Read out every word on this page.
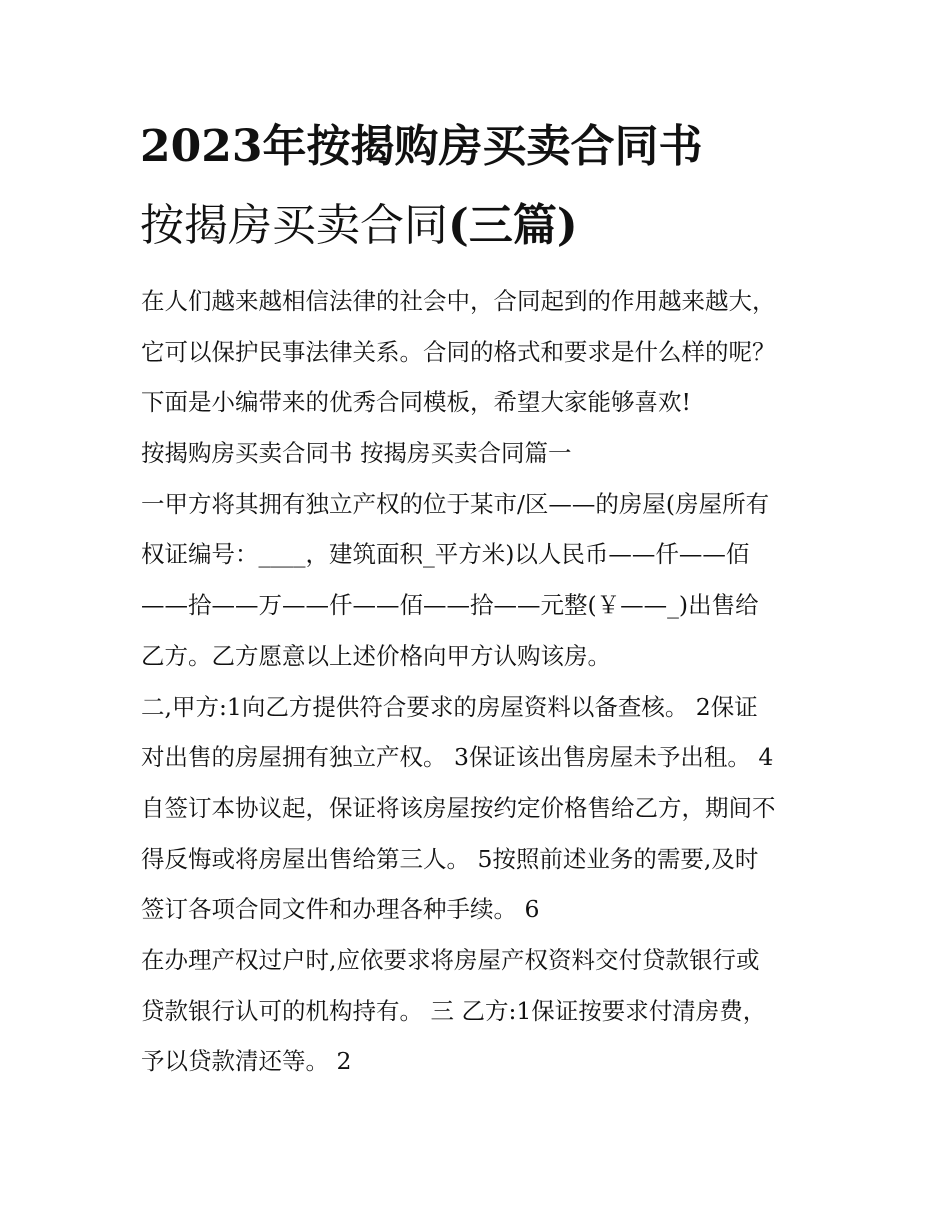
2023年按揭购房买卖合同书
按揭房买卖合同(三篇)
在人们越来越相信法律的社会中，合同起到的作用越来越大，
它可以保护民事法律关系。合同的格式和要求是什么样的呢？
下面是小编带来的优秀合同模板，希望大家能够喜欢!
按揭购房买卖合同书 按揭房买卖合同篇一
一甲方将其拥有独立产权的位于某市/区——的房屋(房屋所有
权证编号：____，建筑面积_平方米)以人民币——仟——佰
——拾——万——仟——佰——拾——元整(￥——_)出售给
乙方。乙方愿意以上述价格向甲方认购该房。
二,甲方:1向乙方提供符合要求的房屋资料以备查核。 2保证
对出售的房屋拥有独立产权。 3保证该出售房屋未予出租。 4
自签订本协议起，保证将该房屋按约定价格售给乙方，期间不
得反悔或将房屋出售给第三人。 5按照前述业务的需要,及时
签订各项合同文件和办理各种手续。 6
在办理产权过户时,应依要求将房屋产权资料交付贷款银行或
贷款银行认可的机构持有。 三 乙方:1保证按要求付清房费，
予以贷款清还等。 2
